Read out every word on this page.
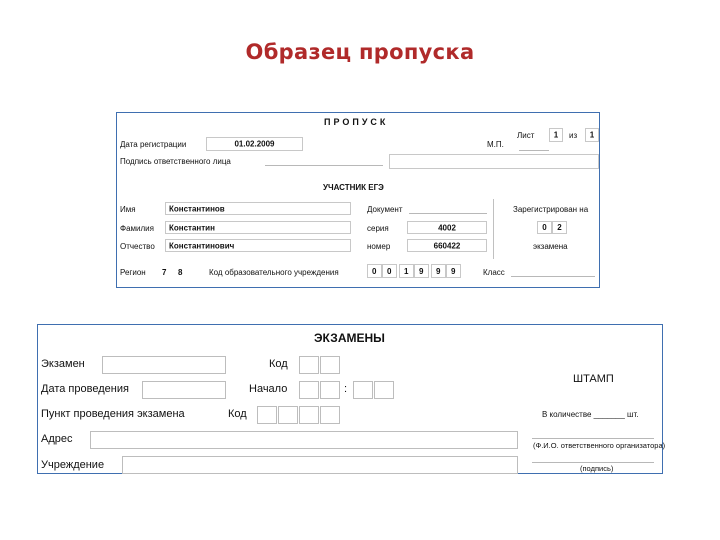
Образец пропуска
ПРОПУСК
Лист	1	из	1
Дата регистрации	01.02.2009	М.П.
Подпись ответственного лица
УЧАСТНИК ЕГЭ
Имя	Константинов	Документ	Зарегистрирован на
Фамилия Константин	серия	4002	0	2
Отчество Константинович	номер	660422	экзамена
Регион 7 8	Код образовательного учреждения	0 0 1 9 9 9	Класс
ЭКЗАМЕНЫ
Экзамен	Код
Дата проведения	Начало	:
Пункт проведения экзамена	Код
Адрес
Учреждение
ШТАМП
В количестве _______ шт.
(Ф.И.О. ответственного организатора)
(подпись)
